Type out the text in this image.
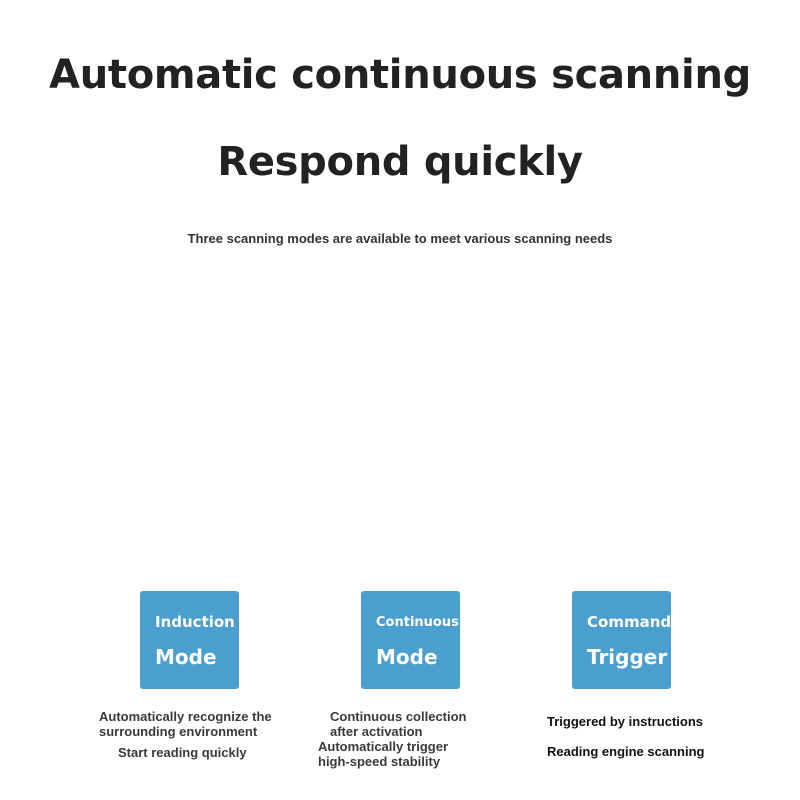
Automatic continuous scanning
Respond quickly
Three scanning modes are available to meet various scanning needs
Induction
Mode
Automatically recognize the
surrounding environment
Start reading quickly
Continuous
Mode
Continuous collection
after activation
Automatically trigger
high-speed stability
Command
Trigger
Triggered by instructions
Reading engine scanning
